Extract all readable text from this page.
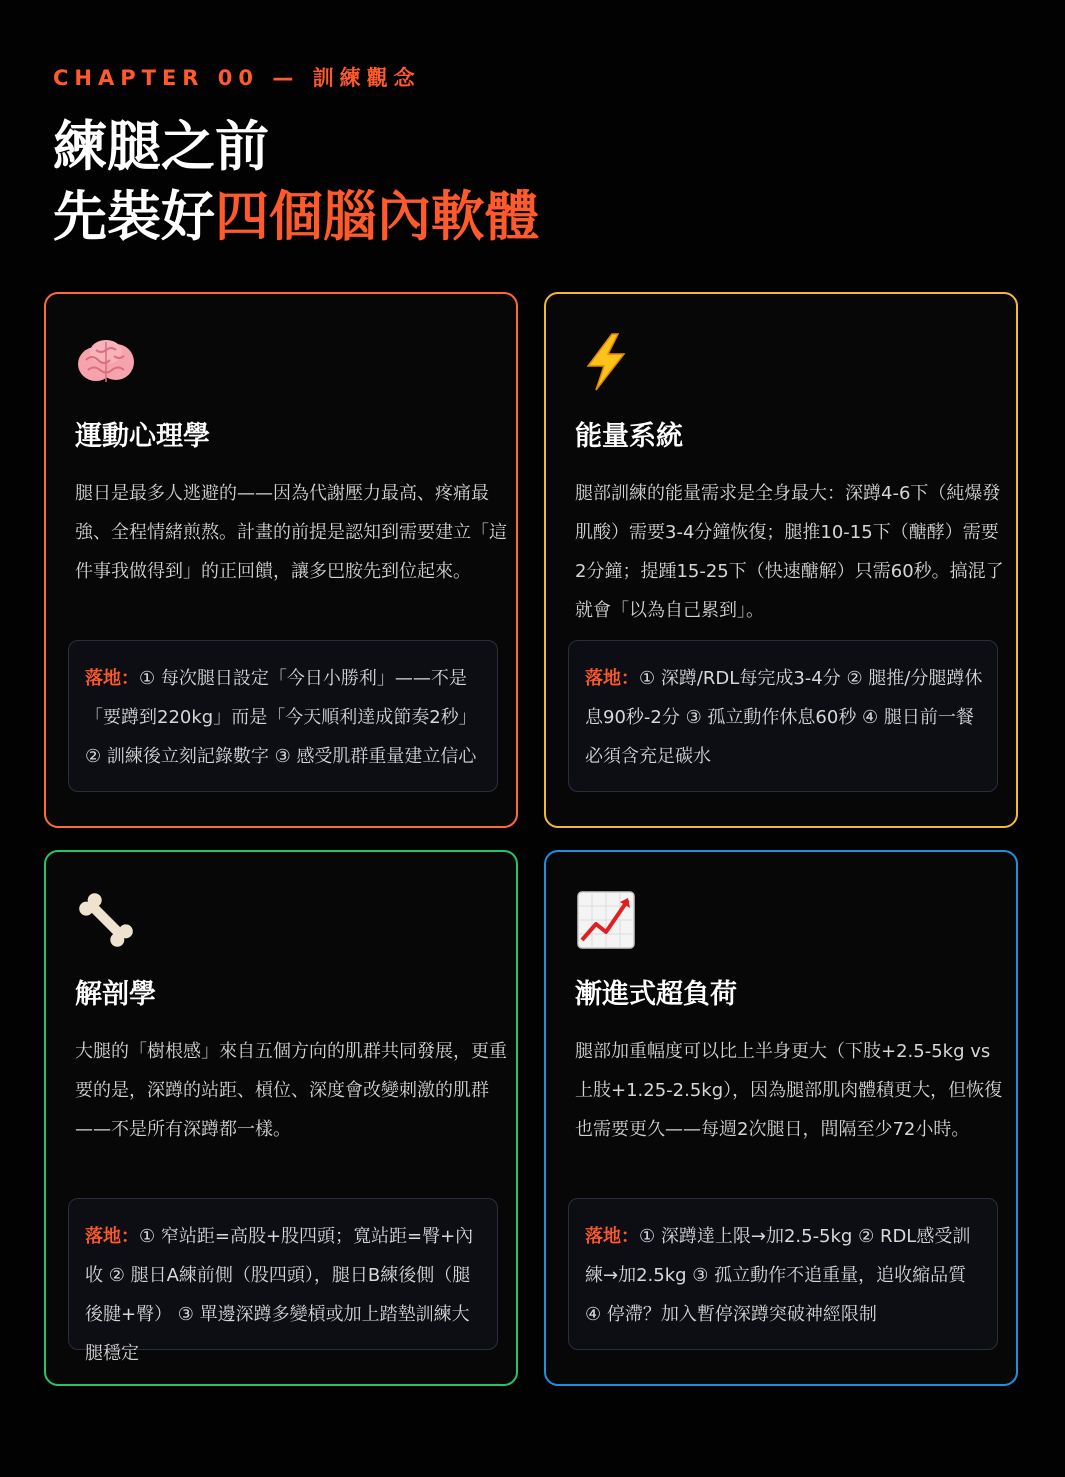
CHAPTER 00 — 訓練觀念
練腿之前
先裝好四個腦內軟體
運動心理學
腿日是最多人逃避的——因為代謝壓力最高、疼痛最強、全程情緒煎熬。計畫的前提是認知到需要建立「這件事我做得到」的正回饋，讓多巴胺先到位起來。
落地：① 每次腿日設定「今日小勝利」——不是「要蹲到220kg」而是「今天順利達成節奏2秒」 ② 訓練後立刻記錄數字 ③ 感受肌群重量建立信心
能量系統
腿部訓練的能量需求是全身最大：深蹲4-6下（純爆發肌酸）需要3-4分鐘恢復；腿推10-15下（醣酵）需要2分鐘；提踵15-25下（快速醣解）只需60秒。搞混了就會「以為自己累到」。
落地：① 深蹲/RDL每完成3-4分 ② 腿推/分腿蹲休息90秒-2分 ③ 孤立動作休息60秒 ④ 腿日前一餐必須含充足碳水
解剖學
大腿的「樹根感」來自五個方向的肌群共同發展，更重要的是，深蹲的站距、槓位、深度會改變刺激的肌群——不是所有深蹲都一樣。
落地：① 窄站距=高股+股四頭；寬站距=臀+內收 ② 腿日A練前側（股四頭），腿日B練後側（腿後腱+臀） ③ 單邊深蹲多變槓或加上踏墊訓練大腿穩定
漸進式超負荷
腿部加重幅度可以比上半身更大（下肢+2.5-5kg vs 上肢+1.25-2.5kg），因為腿部肌肉體積更大，但恢復也需要更久——每週2次腿日，間隔至少72小時。
落地：① 深蹲達上限→加2.5-5kg ② RDL感受訓練→加2.5kg ③ 孤立動作不追重量，追收縮品質 ④ 停滯？加入暫停深蹲突破神經限制
